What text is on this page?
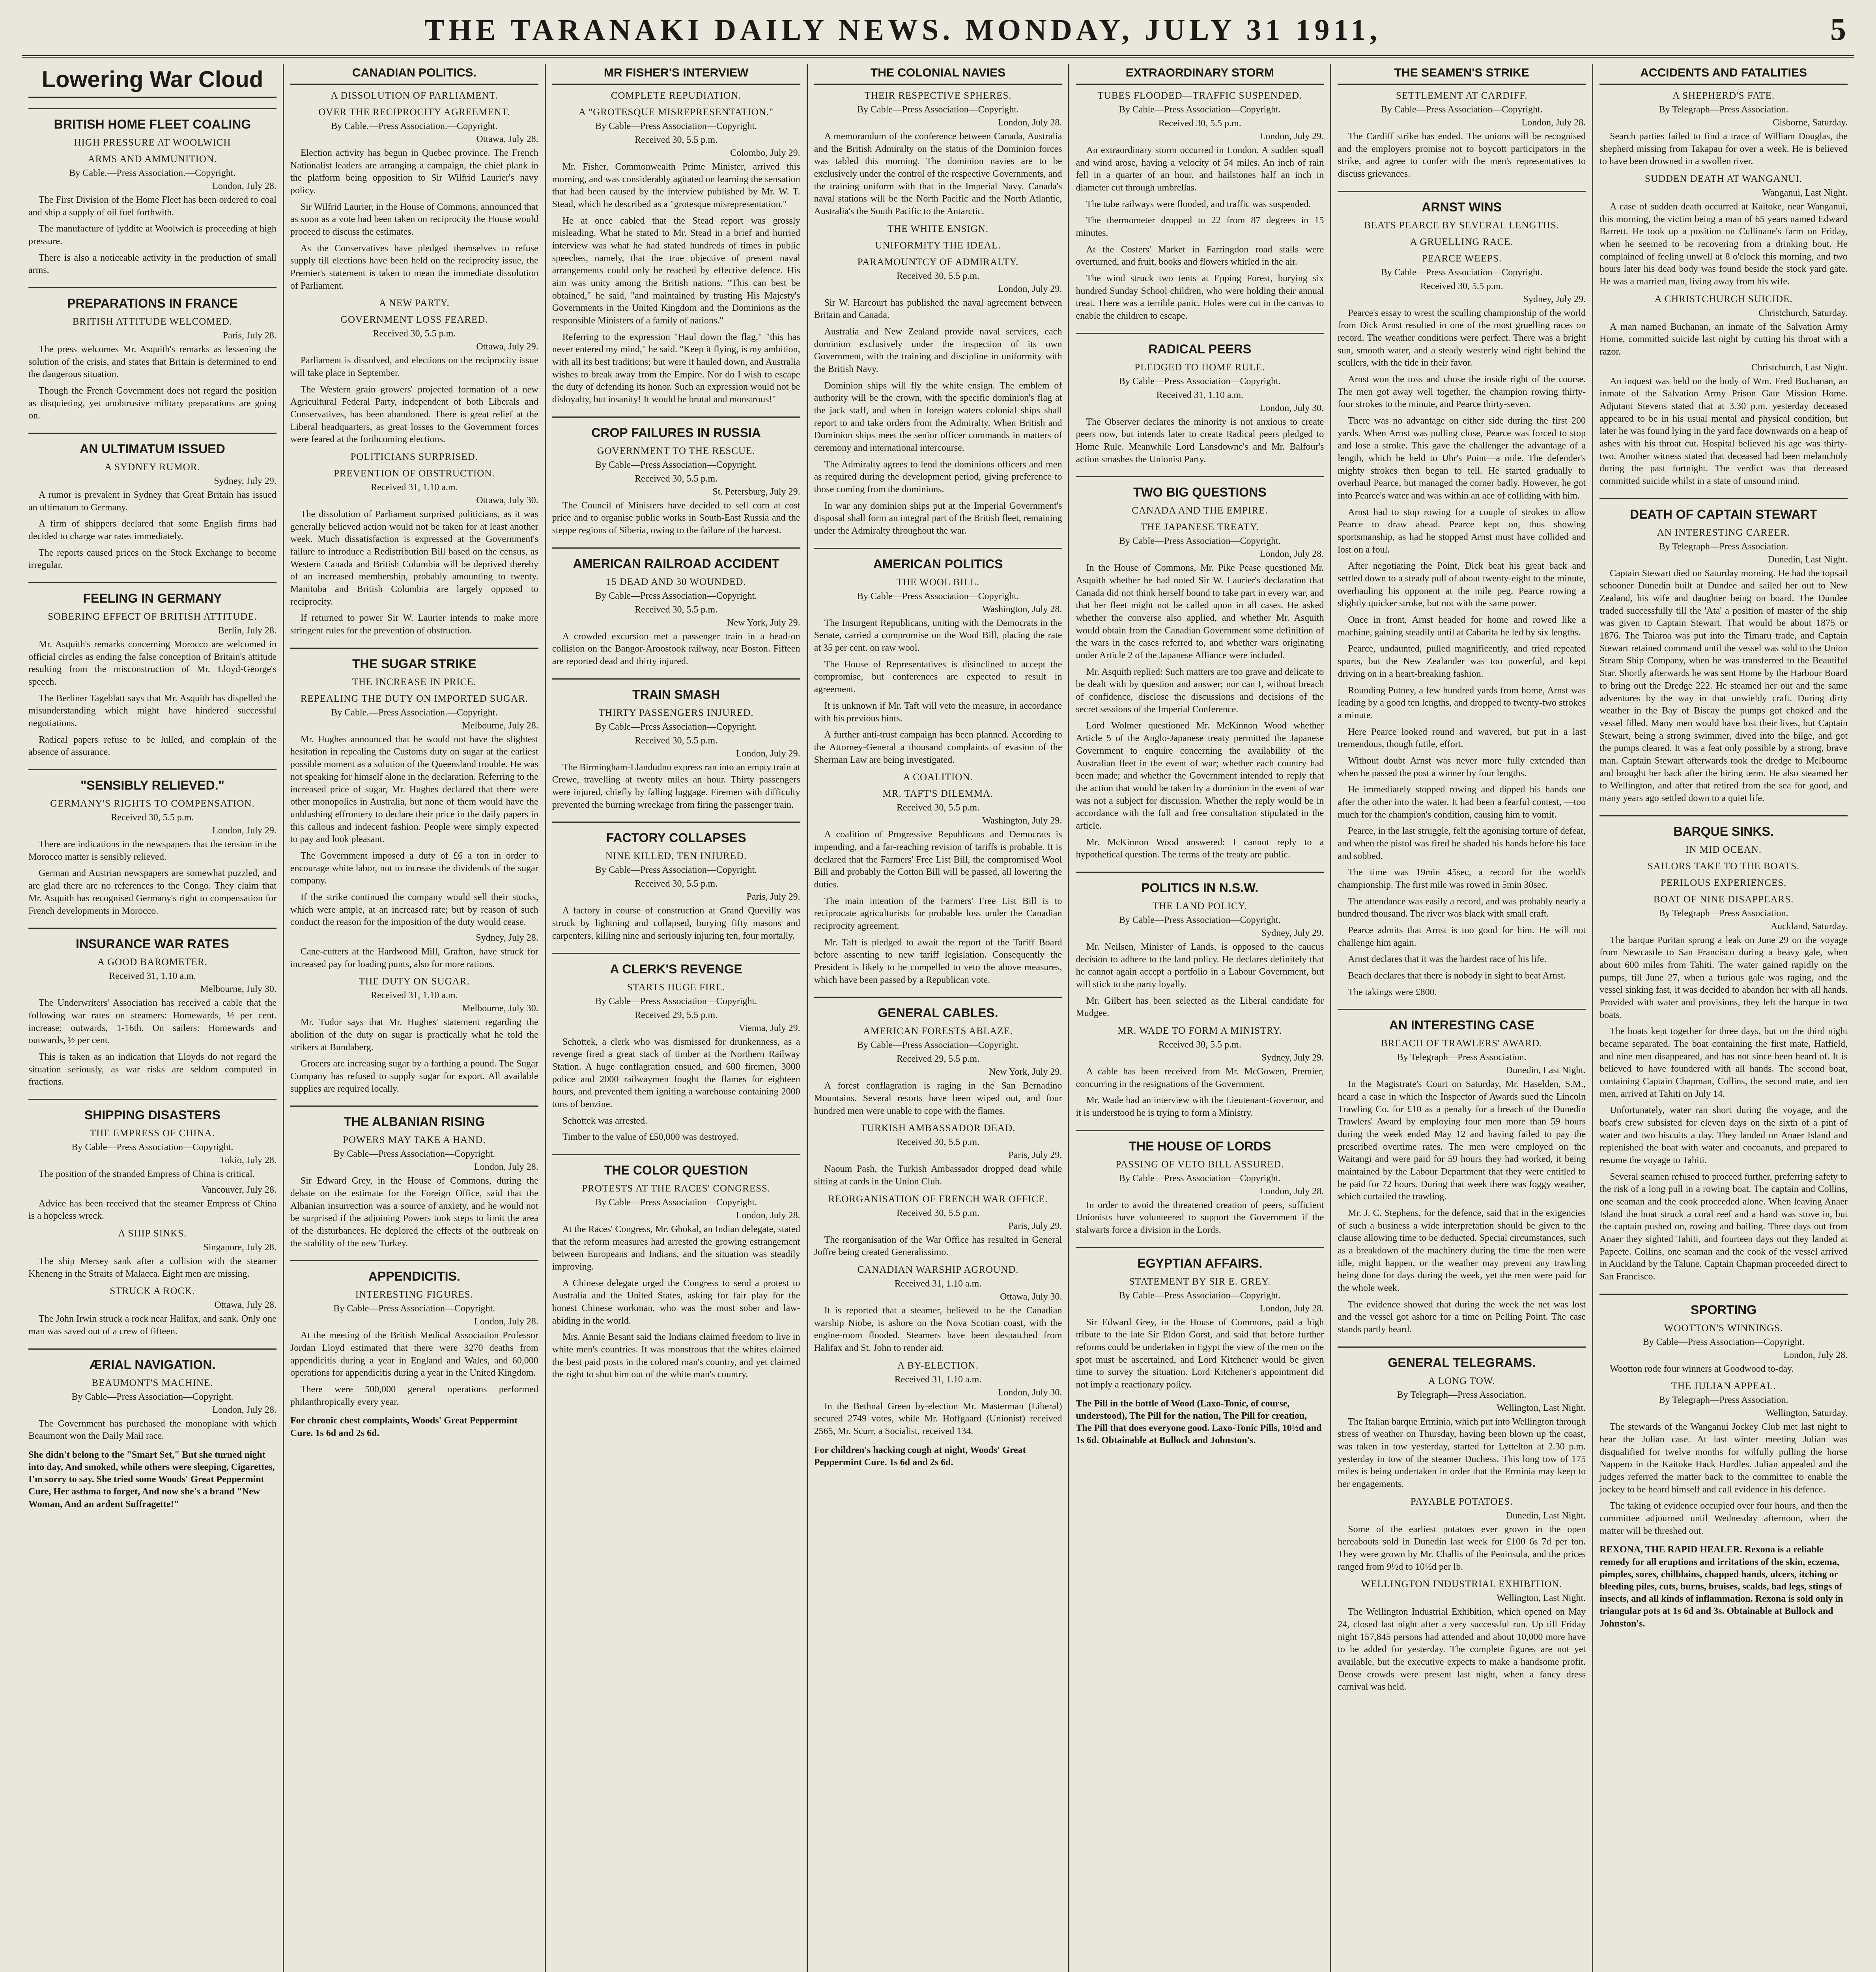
THE TARANAKI DAILY NEWS. MONDAY, JULY 31 1911,	5
Lowering War Cloud
BRITISH HOME FLEET COALING
HIGH PRESSURE AT WOOLWICH
ARMS AND AMMUNITION.
By Cable.—Press Association.—Copyright.
London, July 28.

The First Division of the Home Fleet has been ordered to coal and ship a supply of oil fuel forthwith.

The manufacture of lyddite at Woolwich is proceeding at high pressure.

There is also a noticeable activity in the production of small arms.

PREPARATIONS IN FRANCE
BRITISH ATTITUDE WELCOMED.
Paris, July 28.

The press welcomes Mr. Asquith's remarks as lessening the solution of the crisis, and states that Britain is determined to end the dangerous situation.

Though the French Government does not regard the position as disquieting, yet unobtrusive military preparations are going on.

AN ULTIMATUM ISSUED
A SYDNEY RUMOR.
Sydney, July 29.

A rumor is prevalent in Sydney that Great Britain has issued an ultimatum to Germany.

A firm of shippers declared that some English firms had decided to charge war rates immediately.

The reports caused prices on the Stock Exchange to become irregular.

FEELING IN GERMANY
SOBERING EFFECT OF BRITISH ATTITUDE.
Berlin, July 28.

Mr. Asquith's remarks concerning Morocco are welcomed in official circles as ending the false conception of Britain's attitude resulting from the misconstruction of Mr. Lloyd-George's speech.

The Berliner Tageblatt says that Mr. Asquith has dispelled the misunderstanding which might have hindered successful negotiations.

Radical papers refuse to be lulled, and complain of the absence of assurance.

"SENSIBLY RELIEVED."
GERMANY'S RIGHTS TO COMPENSATION.
Received 30, 5.5 p.m.
London, July 29.

There are indications in the newspapers that the tension in the Morocco matter is sensibly relieved.

German and Austrian newspapers are somewhat puzzled, and are glad there are no references to the Congo. They claim that Mr. Asquith has recognised Germany's right to compensation for French developments in Morocco.

INSURANCE WAR RATES
A GOOD BAROMETER.
Received 31, 1.10 a.m.
Melbourne, July 30.

The Underwriters' Association has received a cable that the following war rates on steamers: Homewards, ½ per cent. increase; outwards, 1-16th. On sailers: Homewards and outwards, ½ per cent.

This is taken as an indication that Lloyds do not regard the situation seriously, as war risks are seldom computed in fractions.

SHIPPING DISASTERS
THE EMPRESS OF CHINA.
By Cable—Press Association—Copyright.
Tokio, July 28.

The position of the stranded Empress of China is critical.

Vancouver, July 28.

Advice has been received that the steamer Empress of China is a hopeless wreck.

A SHIP SINKS.
Singapore, July 28.

The ship Mersey sank after a collision with the steamer Kheneng in the Straits of Malacca. Eight men are missing.

STRUCK A ROCK.
Ottawa, July 28.

The John Irwin struck a rock near Halifax, and sank. Only one man was saved out of a crew of fifteen.

ÆRIAL NAVIGATION.
BEAUMONT'S MACHINE.
By Cable—Press Association—Copyright.
London, July 28.

The Government has purchased the monoplane with which Beaumont won the Daily Mail race.

She didn't belong to the "Smart Set," But she turned night into day, And smoked, while others were sleeping, Cigarettes, I'm sorry to say. She tried some Woods' Great Peppermint Cure, Her asthma to forget, And now she's a brand "New Woman, And an ardent Suffragette!"

CANADIAN POLITICS.
A DISSOLUTION OF PARLIAMENT.
OVER THE RECIPROCITY AGREEMENT.
By Cable.—Press Association.—Copyright.
Ottawa, July 28.

Election activity has begun in Quebec province. The French Nationalist leaders are arranging a campaign, the chief plank in the platform being opposition to Sir Wilfrid Laurier's navy policy.

Sir Wilfrid Laurier, in the House of Commons, announced that as soon as a vote had been taken on reciprocity the House would proceed to discuss the estimates.

As the Conservatives have pledged themselves to refuse supply till elections have been held on the reciprocity issue, the Premier's statement is taken to mean the immediate dissolution of Parliament.

A NEW PARTY.
GOVERNMENT LOSS FEARED.
Received 30, 5.5 p.m.
Ottawa, July 29.

Parliament is dissolved, and elections on the reciprocity issue will take place in September.

The Western grain growers' projected formation of a new Agricultural Federal Party, independent of both Liberals and Conservatives, has been abandoned. There is great relief at the Liberal headquarters, as great losses to the Government forces were feared at the forthcoming elections.

POLITICIANS SURPRISED.
PREVENTION OF OBSTRUCTION.
Received 31, 1.10 a.m.
Ottawa, July 30.

The dissolution of Parliament surprised politicians, as it was generally believed action would not be taken for at least another week. Much dissatisfaction is expressed at the Government's failure to introduce a Redistribution Bill based on the census, as Western Canada and British Columbia will be deprived thereby of an increased membership, probably amounting to twenty. Manitoba and British Columbia are largely opposed to reciprocity.

If returned to power Sir W. Laurier intends to make more stringent rules for the prevention of obstruction.

THE SUGAR STRIKE
THE INCREASE IN PRICE.
REPEALING THE DUTY ON IMPORTED SUGAR.
By Cable.—Press Association.—Copyright.
Melbourne, July 28.

Mr. Hughes announced that he would not have the slightest hesitation in repealing the Customs duty on sugar at the earliest possible moment as a solution of the Queensland trouble. He was not speaking for himself alone in the declaration. Referring to the increased price of sugar, Mr. Hughes declared that there were other monopolies in Australia, but none of them would have the unblushing effrontery to declare their price in the daily papers in this callous and indecent fashion. People were simply expected to pay and look pleasant.

The Government imposed a duty of £6 a ton in order to encourage white labor, not to increase the dividends of the sugar company.

If the strike continued the company would sell their stocks, which were ample, at an increased rate; but by reason of such conduct the reason for the imposition of the duty would cease.

Sydney, July 28.

Cane-cutters at the Hardwood Mill, Grafton, have struck for increased pay for loading punts, also for more rations.

THE DUTY ON SUGAR.
Received 31, 1.10 a.m.
Melbourne, July 30.

Mr. Tudor says that Mr. Hughes' statement regarding the abolition of the duty on sugar is practically what he told the strikers at Bundaberg.

Grocers are increasing sugar by a farthing a pound. The Sugar Company has refused to supply sugar for export. All available supplies are required locally.

THE ALBANIAN RISING
POWERS MAY TAKE A HAND.
By Cable—Press Association—Copyright.
London, July 28.

Sir Edward Grey, in the House of Commons, during the debate on the estimate for the Foreign Office, said that the Albanian insurrection was a source of anxiety, and he would not be surprised if the adjoining Powers took steps to limit the area of the disturbances. He deplored the effects of the outbreak on the stability of the new Turkey.

APPENDICITIS.
INTERESTING FIGURES.
By Cable—Press Association—Copyright.
London, July 28.

At the meeting of the British Medical Association Professor Jordan Lloyd estimated that there were 3270 deaths from appendicitis during a year in England and Wales, and 60,000 operations for appendicitis during a year in the United Kingdom.

There were 500,000 general operations performed philanthropically every year.

For chronic chest complaints, Woods' Great Peppermint Cure. 1s 6d and 2s 6d.

MR FISHER'S INTERVIEW
COMPLETE REPUDIATION.
A "GROTESQUE MISREPRESENTATION."
By Cable—Press Association—Copyright.
Received 30, 5.5 p.m.
Colombo, July 29.

Mr. Fisher, Commonwealth Prime Minister, arrived this morning, and was considerably agitated on learning the sensation that had been caused by the interview published by Mr. W. T. Stead, which he described as a "grotesque misrepresentation."

He at once cabled that the Stead report was grossly misleading. What he stated to Mr. Stead in a brief and hurried interview was what he had stated hundreds of times in public speeches, namely, that the true objective of present naval arrangements could only be reached by effective defence. His aim was unity among the British nations. "This can best be obtained," he said, "and maintained by trusting His Majesty's Governments in the United Kingdom and the Dominions as the responsible Ministers of a family of nations."

Referring to the expression "Haul down the flag," "this has never entered my mind," he said. "Keep it flying, is my ambition, with all its best traditions; but were it hauled down, and Australia wishes to break away from the Empire. Nor do I wish to escape the duty of defending its honor. Such an expression would not be disloyalty, but insanity! It would be brutal and monstrous!"

CROP FAILURES IN RUSSIA
GOVERNMENT TO THE RESCUE.
By Cable—Press Association—Copyright.
Received 30, 5.5 p.m.
St. Petersburg, July 29.

The Council of Ministers have decided to sell corn at cost price and to organise public works in South-East Russia and the steppe regions of Siberia, owing to the failure of the harvest.

AMERICAN RAILROAD ACCIDENT
15 DEAD AND 30 WOUNDED.
By Cable—Press Association—Copyright.
Received 30, 5.5 p.m.
New York, July 29.

A crowded excursion met a passenger train in a head-on collision on the Bangor-Aroostook railway, near Boston. Fifteen are reported dead and thirty injured.

TRAIN SMASH
THIRTY PASSENGERS INJURED.
By Cable—Press Association—Copyright.
Received 30, 5.5 p.m.
London, July 29.

The Birmingham-Llandudno express ran into an empty train at Crewe, travelling at twenty miles an hour. Thirty passengers were injured, chiefly by falling luggage. Firemen with difficulty prevented the burning wreckage from firing the passenger train.

FACTORY COLLAPSES
NINE KILLED, TEN INJURED.
By Cable—Press Association—Copyright.
Received 30, 5.5 p.m.
Paris, July 29.

A factory in course of construction at Grand Quevilly was struck by lightning and collapsed, burying fifty masons and carpenters, killing nine and seriously injuring ten, four mortally.

A CLERK'S REVENGE
STARTS HUGE FIRE.
By Cable—Press Association—Copyright.
Received 29, 5.5 p.m.
Vienna, July 29.

Schottek, a clerk who was dismissed for drunkenness, as a revenge fired a great stack of timber at the Northern Railway Station. A huge conflagration ensued, and 600 firemen, 3000 police and 2000 railwaymen fought the flames for eighteen hours, and prevented them igniting a warehouse containing 2000 tons of benzine.

Schottek was arrested.

Timber to the value of £50,000 was destroyed.

THE COLOR QUESTION
PROTESTS AT THE RACES' CONGRESS.
By Cable—Press Association—Copyright.
London, July 28.

At the Races' Congress, Mr. Ghokal, an Indian delegate, stated that the reform measures had arrested the growing estrangement between Europeans and Indians, and the situation was steadily improving.

A Chinese delegate urged the Congress to send a protest to Australia and the United States, asking for fair play for the honest Chinese workman, who was the most sober and law-abiding in the world.

Mrs. Annie Besant said the Indians claimed freedom to live in white men's countries. It was monstrous that the whites claimed the best paid posts in the colored man's country, and yet claimed the right to shut him out of the white man's country.

THE COLONIAL NAVIES
THEIR RESPECTIVE SPHERES.
By Cable—Press Association—Copyright.
London, July 28.

A memorandum of the conference between Canada, Australia and the British Admiralty on the status of the Dominion forces was tabled this morning. The dominion navies are to be exclusively under the control of the respective Governments, and the training uniform with that in the Imperial Navy. Canada's naval stations will be the North Pacific and the North Atlantic, Australia's the South Pacific to the Antarctic.

THE WHITE ENSIGN.
UNIFORMITY THE IDEAL.
PARAMOUNTCY OF ADMIRALTY.
Received 30, 5.5 p.m.
London, July 29.

Sir W. Harcourt has published the naval agreement between Britain and Canada.

Australia and New Zealand provide naval services, each dominion exclusively under the inspection of its own Government, with the training and discipline in uniformity with the British Navy.

Dominion ships will fly the white ensign. The emblem of authority will be the crown, with the specific dominion's flag at the jack staff, and when in foreign waters colonial ships shall report to and take orders from the Admiralty. When British and Dominion ships meet the senior officer commands in matters of ceremony and international intercourse.

The Admiralty agrees to lend the dominions officers and men as required during the development period, giving preference to those coming from the dominions.

In war any dominion ships put at the Imperial Government's disposal shall form an integral part of the British fleet, remaining under the Admiralty throughout the war.

AMERICAN POLITICS
THE WOOL BILL.
By Cable—Press Association—Copyright.
Washington, July 28.

The Insurgent Republicans, uniting with the Democrats in the Senate, carried a compromise on the Wool Bill, placing the rate at 35 per cent. on raw wool.

The House of Representatives is disinclined to accept the compromise, but conferences are expected to result in agreement.

It is unknown if Mr. Taft will veto the measure, in accordance with his previous hints.

A further anti-trust campaign has been planned. According to the Attorney-General a thousand complaints of evasion of the Sherman Law are being investigated.

A COALITION.
MR. TAFT'S DILEMMA.
Received 30, 5.5 p.m.
Washington, July 29.

A coalition of Progressive Republicans and Democrats is impending, and a far-reaching revision of tariffs is probable. It is declared that the Farmers' Free List Bill, the compromised Wool Bill and probably the Cotton Bill will be passed, all lowering the duties.

The main intention of the Farmers' Free List Bill is to reciprocate agriculturists for probable loss under the Canadian reciprocity agreement.

Mr. Taft is pledged to await the report of the Tariff Board before assenting to new tariff legislation. Consequently the President is likely to be compelled to veto the above measures, which have been passed by a Republican vote.

GENERAL CABLES.
AMERICAN FORESTS ABLAZE.
By Cable—Press Association—Copyright.
Received 29, 5.5 p.m.
New York, July 29.

A forest conflagration is raging in the San Bernadino Mountains. Several resorts have been wiped out, and four hundred men were unable to cope with the flames.

TURKISH AMBASSADOR DEAD.
Received 30, 5.5 p.m.
Paris, July 29.

Naoum Pash, the Turkish Ambassador dropped dead while sitting at cards in the Union Club.

REORGANISATION OF FRENCH WAR OFFICE.
Received 30, 5.5 p.m.
Paris, July 29.

The reorganisation of the War Office has resulted in General Joffre being created Generalissimo.

CANADIAN WARSHIP AGROUND.
Received 31, 1.10 a.m.
Ottawa, July 30.

It is reported that a steamer, believed to be the Canadian warship Niobe, is ashore on the Nova Scotian coast, with the engine-room flooded. Steamers have been despatched from Halifax and St. John to render aid.

A BY-ELECTION.
Received 31, 1.10 a.m.
London, July 30.

In the Bethnal Green by-election Mr. Masterman (Liberal) secured 2749 votes, while Mr. Hoffgaard (Unionist) received 2565, Mr. Scurr, a Socialist, received 134.

For children's hacking cough at night, Woods' Great Peppermint Cure. 1s 6d and 2s 6d.

EXTRAORDINARY STORM
TUBES FLOODED—TRAFFIC SUSPENDED.
By Cable—Press Association—Copyright.
Received 30, 5.5 p.m.
London, July 29.

An extraordinary storm occurred in London. A sudden squall and wind arose, having a velocity of 54 miles. An inch of rain fell in a quarter of an hour, and hailstones half an inch in diameter cut through umbrellas.

The tube railways were flooded, and traffic was suspended.

The thermometer dropped to 22 from 87 degrees in 15 minutes.

At the Costers' Market in Farringdon road stalls were overturned, and fruit, books and flowers whirled in the air.

The wind struck two tents at Epping Forest, burying six hundred Sunday School children, who were holding their annual treat. There was a terrible panic. Holes were cut in the canvas to enable the children to escape.

RADICAL PEERS
PLEDGED TO HOME RULE.
By Cable—Press Association—Copyright.
Received 31, 1.10 a.m.
London, July 30.

The Observer declares the minority is not anxious to create peers now, but intends later to create Radical peers pledged to Home Rule. Meanwhile Lord Lansdowne's and Mr. Balfour's action smashes the Unionist Party.

TWO BIG QUESTIONS
CANADA AND THE EMPIRE.
THE JAPANESE TREATY.
By Cable—Press Association—Copyright.
London, July 28.

In the House of Commons, Mr. Pike Pease questioned Mr. Asquith whether he had noted Sir W. Laurier's declaration that Canada did not think herself bound to take part in every war, and that her fleet might not be called upon in all cases. He asked whether the converse also applied, and whether Mr. Asquith would obtain from the Canadian Government some definition of the wars in the cases referred to, and whether wars originating under Article 2 of the Japanese Alliance were included.

Mr. Asquith replied: Such matters are too grave and delicate to be dealt with by question and answer; nor can I, without breach of confidence, disclose the discussions and decisions of the secret sessions of the Imperial Conference.

Lord Wolmer questioned Mr. McKinnon Wood whether Article 5 of the Anglo-Japanese treaty permitted the Japanese Government to enquire concerning the availability of the Australian fleet in the event of war; whether each country had been made; and whether the Government intended to reply that the action that would be taken by a dominion in the event of war was not a subject for discussion. Whether the reply would be in accordance with the full and free consultation stipulated in the article.

Mr. McKinnon Wood answered: I cannot reply to a hypothetical question. The terms of the treaty are public.

POLITICS IN N.S.W.
THE LAND POLICY.
By Cable—Press Association—Copyright.
Sydney, July 29.

Mr. Neilsen, Minister of Lands, is opposed to the caucus decision to adhere to the land policy. He declares definitely that he cannot again accept a portfolio in a Labour Government, but will stick to the party loyally.

Mr. Gilbert has been selected as the Liberal candidate for Mudgee.

MR. WADE TO FORM A MINISTRY.
Received 30, 5.5 p.m.
Sydney, July 29.

A cable has been received from Mr. McGowen, Premier, concurring in the resignations of the Government.

Mr. Wade had an interview with the Lieutenant-Governor, and it is understood he is trying to form a Ministry.

THE HOUSE OF LORDS
PASSING OF VETO BILL ASSURED.
By Cable—Press Association—Copyright.
London, July 28.

In order to avoid the threatened creation of peers, sufficient Unionists have volunteered to support the Government if the stalwarts force a division in the Lords.

EGYPTIAN AFFAIRS.
STATEMENT BY SIR E. GREY.
By Cable—Press Association—Copyright.
London, July 28.

Sir Edward Grey, in the House of Commons, paid a high tribute to the late Sir Eldon Gorst, and said that before further reforms could be undertaken in Egypt the view of the men on the spot must be ascertained, and Lord Kitchener would be given time to survey the situation. Lord Kitchener's appointment did not imply a reactionary policy.

The Pill in the bottle of Wood (Laxo-Tonic, of course, understood), The Pill for the nation, The Pill for creation, The Pill that does everyone good. Laxo-Tonic Pills, 10½d and 1s 6d. Obtainable at Bullock and Johnston's.

THE SEAMEN'S STRIKE
SETTLEMENT AT CARDIFF.
By Cable—Press Association—Copyright.
London, July 28.

The Cardiff strike has ended. The unions will be recognised and the employers promise not to boycott participators in the strike, and agree to confer with the men's representatives to discuss grievances.

ARNST WINS
BEATS PEARCE BY SEVERAL LENGTHS.
A GRUELLING RACE.
PEARCE WEEPS.
By Cable—Press Association—Copyright.
Received 30, 5.5 p.m.
Sydney, July 29.

Pearce's essay to wrest the sculling championship of the world from Dick Arnst resulted in one of the most gruelling races on record. The weather conditions were perfect. There was a bright sun, smooth water, and a steady westerly wind right behind the scullers, with the tide in their favor.

Arnst won the toss and chose the inside right of the course. The men got away well together, the champion rowing thirty-four strokes to the minute, and Pearce thirty-seven.

There was no advantage on either side during the first 200 yards. When Arnst was pulling close, Pearce was forced to stop and lose a stroke. This gave the challenger the advantage of a length, which he held to Uhr's Point—a mile. The defender's mighty strokes then began to tell. He started gradually to overhaul Pearce, but managed the corner badly. However, he got into Pearce's water and was within an ace of colliding with him.

Arnst had to stop rowing for a couple of strokes to allow Pearce to draw ahead. Pearce kept on, thus showing sportsmanship, as had he stopped Arnst must have collided and lost on a foul.

After negotiating the Point, Dick beat his great back and settled down to a steady pull of about twenty-eight to the minute, overhauling his opponent at the mile peg. Pearce rowing a slightly quicker stroke, but not with the same power.

Once in front, Arnst headed for home and rowed like a machine, gaining steadily until at Cabarita he led by six lengths.

Pearce, undaunted, pulled magnificently, and tried repeated spurts, but the New Zealander was too powerful, and kept driving on in a heart-breaking fashion.

Rounding Putney, a few hundred yards from home, Arnst was leading by a good ten lengths, and dropped to twenty-two strokes a minute.

Here Pearce looked round and wavered, but put in a last tremendous, though futile, effort.

Without doubt Arnst was never more fully extended than when he passed the post a winner by four lengths.

He immediately stopped rowing and dipped his hands one after the other into the water. It had been a fearful contest, —too much for the champion's condition, causing him to vomit.

Pearce, in the last struggle, felt the agonising torture of defeat, and when the pistol was fired he shaded his hands before his face and sobbed.

The time was 19min 45sec, a record for the world's championship. The first mile was rowed in 5min 30sec.

The attendance was easily a record, and was probably nearly a hundred thousand. The river was black with small craft.

Pearce admits that Arnst is too good for him. He will not challenge him again.

Arnst declares that it was the hardest race of his life.

Beach declares that there is nobody in sight to beat Arnst.

The takings were £800.

AN INTERESTING CASE
BREACH OF TRAWLERS' AWARD.
By Telegraph—Press Association.
Dunedin, Last Night.

In the Magistrate's Court on Saturday, Mr. Haselden, S.M., heard a case in which the Inspector of Awards sued the Lincoln Trawling Co. for £10 as a penalty for a breach of the Dunedin Trawlers' Award by employing four men more than 59 hours during the week ended May 12 and having failed to pay the prescribed overtime rates. The men were employed on the Waitangi and were paid for 59 hours they had worked, it being maintained by the Labour Department that they were entitled to be paid for 72 hours. During that week there was foggy weather, which curtailed the trawling.

Mr. J. C. Stephens, for the defence, said that in the exigencies of such a business a wide interpretation should be given to the clause allowing time to be deducted. Special circumstances, such as a breakdown of the machinery during the time the men were idle, might happen, or the weather may prevent any trawling being done for days during the week, yet the men were paid for the whole week.

The evidence showed that during the week the net was lost and the vessel got ashore for a time on Pelling Point. The case stands partly heard.

GENERAL TELEGRAMS.
A LONG TOW.
By Telegraph—Press Association.
Wellington, Last Night.

The Italian barque Erminia, which put into Wellington through stress of weather on Thursday, having been blown up the coast, was taken in tow yesterday, started for Lyttelton at 2.30 p.m. yesterday in tow of the steamer Duchess. This long tow of 175 miles is being undertaken in order that the Erminia may keep to her engagements.

PAYABLE POTATOES.
Dunedin, Last Night.

Some of the earliest potatoes ever grown in the open hereabouts sold in Dunedin last week for £100 6s 7d per ton. They were grown by Mr. Challis of the Peninsula, and the prices ranged from 9½d to 10½d per lb.

WELLINGTON INDUSTRIAL EXHIBITION.
Wellington, Last Night.

The Wellington Industrial Exhibition, which opened on May 24, closed last night after a very successful run. Up till Friday night 157,845 persons had attended and about 10,000 more have to be added for yesterday. The complete figures are not yet available, but the executive expects to make a handsome profit. Dense crowds were present last night, when a fancy dress carnival was held.

ACCIDENTS AND FATALITIES
A SHEPHERD'S FATE.
By Telegraph—Press Association.
Gisborne, Saturday.

Search parties failed to find a trace of William Douglas, the shepherd missing from Takapau for over a week. He is believed to have been drowned in a swollen river.

SUDDEN DEATH AT WANGANUI.
Wanganui, Last Night.

A case of sudden death occurred at Kaitoke, near Wanganui, this morning, the victim being a man of 65 years named Edward Barrett. He took up a position on Cullinane's farm on Friday, when he seemed to be recovering from a drinking bout. He complained of feeling unwell at 8 o'clock this morning, and two hours later his dead body was found beside the stock yard gate. He was a married man, living away from his wife.

A CHRISTCHURCH SUICIDE.
Christchurch, Saturday.

A man named Buchanan, an inmate of the Salvation Army Home, committed suicide last night by cutting his throat with a razor.

Christchurch, Last Night.

An inquest was held on the body of Wm. Fred Buchanan, an inmate of the Salvation Army Prison Gate Mission Home. Adjutant Stevens stated that at 3.30 p.m. yesterday deceased appeared to be in his usual mental and physical condition, but later he was found lying in the yard face downwards on a heap of ashes with his throat cut. Hospital believed his age was thirty-two. Another witness stated that deceased had been melancholy during the past fortnight. The verdict was that deceased committed suicide whilst in a state of unsound mind.

DEATH OF CAPTAIN STEWART
AN INTERESTING CAREER.
By Telegraph—Press Association.
Dunedin, Last Night.

Captain Stewart died on Saturday morning. He had the topsail schooner Dunedin built at Dundee and sailed her out to New Zealand, his wife and daughter being on board. The Dundee traded successfully till the 'Ata' a position of master of the ship was given to Captain Stewart. That would be about 1875 or 1876. The Taiaroa was put into the Timaru trade, and Captain Stewart retained command until the vessel was sold to the Union Steam Ship Company, when he was transferred to the Beautiful Star. Shortly afterwards he was sent Home by the Harbour Board to bring out the Dredge 222. He steamed her out and the same adventures by the way in that unwieldy craft. During dirty weather in the Bay of Biscay the pumps got choked and the vessel filled. Many men would have lost their lives, but Captain Stewart, being a strong swimmer, dived into the bilge, and got the pumps cleared. It was a feat only possible by a strong, brave man. Captain Stewart afterwards took the dredge to Melbourne and brought her back after the hiring term. He also steamed her to Wellington, and after that retired from the sea for good, and many years ago settled down to a quiet life.

BARQUE SINKS.
IN MID OCEAN.
SAILORS TAKE TO THE BOATS.
PERILOUS EXPERIENCES.
BOAT OF NINE DISAPPEARS.
By Telegraph—Press Association.
Auckland, Saturday.

The barque Puritan sprung a leak on June 29 on the voyage from Newcastle to San Francisco during a heavy gale, when about 600 miles from Tahiti. The water gained rapidly on the pumps, till June 27, when a furious gale was raging, and the vessel sinking fast, it was decided to abandon her with all hands. Provided with water and provisions, they left the barque in two boats.

The boats kept together for three days, but on the third night became separated. The boat containing the first mate, Hatfield, and nine men disappeared, and has not since been heard of. It is believed to have foundered with all hands. The second boat, containing Captain Chapman, Collins, the second mate, and ten men, arrived at Tahiti on July 14.

Unfortunately, water ran short during the voyage, and the boat's crew subsisted for eleven days on the sixth of a pint of water and two biscuits a day. They landed on Anaer Island and replenished the boat with water and cocoanuts, and prepared to resume the voyage to Tahiti.

Several seamen refused to proceed further, preferring safety to the risk of a long pull in a rowing boat. The captain and Collins, one seaman and the cook proceeded alone. When leaving Anaer Island the boat struck a coral reef and a hand was stove in, but the captain pushed on, rowing and bailing. Three days out from Anaer they sighted Tahiti, and fourteen days out they landed at Papeete. Collins, one seaman and the cook of the vessel arrived in Auckland by the Talune. Captain Chapman proceeded direct to San Francisco.

SPORTING
WOOTTON'S WINNINGS.
By Cable—Press Association—Copyright.
London, July 28.

Wootton rode four winners at Goodwood to-day.

THE JULIAN APPEAL.
By Telegraph—Press Association.
Wellington, Saturday.

The stewards of the Wanganui Jockey Club met last night to hear the Julian case. At last winter meeting Julian was disqualified for twelve months for wilfully pulling the horse Nappero in the Kaitoke Hack Hurdles. Julian appealed and the judges referred the matter back to the committee to enable the jockey to be heard himself and call evidence in his defence.

The taking of evidence occupied over four hours, and then the committee adjourned until Wednesday afternoon, when the matter will be threshed out.

REXONA, THE RAPID HEALER. Rexona is a reliable remedy for all eruptions and irritations of the skin, eczema, pimples, sores, chilblains, chapped hands, ulcers, itching or bleeding piles, cuts, burns, bruises, scalds, bad legs, stings of insects, and all kinds of inflammation. Rexona is sold only in triangular pots at 1s 6d and 3s. Obtainable at Bullock and Johnston's.
